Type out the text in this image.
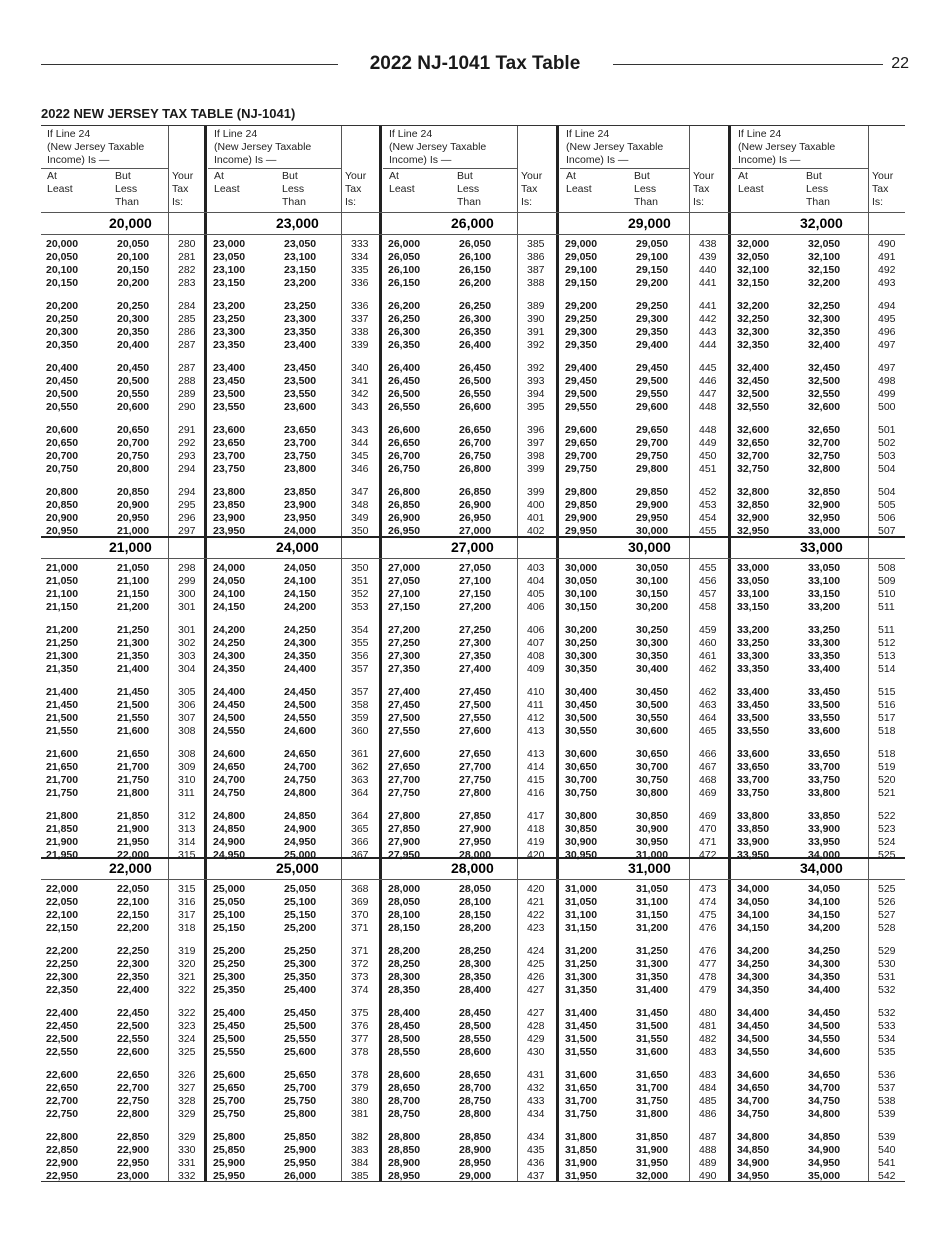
2022 NJ-1041 Tax Table	22
2022 NEW JERSEY TAX TABLE (NJ-1041)
If Line 24
(New Jersey Taxable
Income) Is —
At
Least
But
Less
Than
Your
Tax
Is:
If Line 24
(New Jersey Taxable
Income) Is —
At
Least
But
Less
Than
Your
Tax
Is:
If Line 24
(New Jersey Taxable
Income) Is —
At
Least
But
Less
Than
Your
Tax
Is:
If Line 24
(New Jersey Taxable
Income) Is —
At
Least
But
Less
Than
Your
Tax
Is:
If Line 24
(New Jersey Taxable
Income) Is —
At
Least
But
Less
Than
Your
Tax
Is:
20,000
20,000	20,050	280
20,050	20,100	281
20,100	20,150	282
20,150	20,200	283
20,200	20,250	284
20,250	20,300	285
20,300	20,350	286
20,350	20,400	287
20,400	20,450	287
20,450	20,500	288
20,500	20,550	289
20,550	20,600	290
20,600	20,650	291
20,650	20,700	292
20,700	20,750	293
20,750	20,800	294
20,800	20,850	294
20,850	20,900	295
20,900	20,950	296
20,950	21,000	297
23,000
23,000	23,050	333
23,050	23,100	334
23,100	23,150	335
23,150	23,200	336
23,200	23,250	336
23,250	23,300	337
23,300	23,350	338
23,350	23,400	339
23,400	23,450	340
23,450	23,500	341
23,500	23,550	342
23,550	23,600	343
23,600	23,650	343
23,650	23,700	344
23,700	23,750	345
23,750	23,800	346
23,800	23,850	347
23,850	23,900	348
23,900	23,950	349
23,950	24,000	350
26,000
26,000	26,050	385
26,050	26,100	386
26,100	26,150	387
26,150	26,200	388
26,200	26,250	389
26,250	26,300	390
26,300	26,350	391
26,350	26,400	392
26,400	26,450	392
26,450	26,500	393
26,500	26,550	394
26,550	26,600	395
26,600	26,650	396
26,650	26,700	397
26,700	26,750	398
26,750	26,800	399
26,800	26,850	399
26,850	26,900	400
26,900	26,950	401
26,950	27,000	402
29,000
29,000	29,050	438
29,050	29,100	439
29,100	29,150	440
29,150	29,200	441
29,200	29,250	441
29,250	29,300	442
29,300	29,350	443
29,350	29,400	444
29,400	29,450	445
29,450	29,500	446
29,500	29,550	447
29,550	29,600	448
29,600	29,650	448
29,650	29,700	449
29,700	29,750	450
29,750	29,800	451
29,800	29,850	452
29,850	29,900	453
29,900	29,950	454
29,950	30,000	455
32,000
32,000	32,050	490
32,050	32,100	491
32,100	32,150	492
32,150	32,200	493
32,200	32,250	494
32,250	32,300	495
32,300	32,350	496
32,350	32,400	497
32,400	32,450	497
32,450	32,500	498
32,500	32,550	499
32,550	32,600	500
32,600	32,650	501
32,650	32,700	502
32,700	32,750	503
32,750	32,800	504
32,800	32,850	504
32,850	32,900	505
32,900	32,950	506
32,950	33,000	507
21,000
21,000	21,050	298
21,050	21,100	299
21,100	21,150	300
21,150	21,200	301
21,200	21,250	301
21,250	21,300	302
21,300	21,350	303
21,350	21,400	304
21,400	21,450	305
21,450	21,500	306
21,500	21,550	307
21,550	21,600	308
21,600	21,650	308
21,650	21,700	309
21,700	21,750	310
21,750	21,800	311
21,800	21,850	312
21,850	21,900	313
21,900	21,950	314
21,950	22,000	315
24,000
24,000	24,050	350
24,050	24,100	351
24,100	24,150	352
24,150	24,200	353
24,200	24,250	354
24,250	24,300	355
24,300	24,350	356
24,350	24,400	357
24,400	24,450	357
24,450	24,500	358
24,500	24,550	359
24,550	24,600	360
24,600	24,650	361
24,650	24,700	362
24,700	24,750	363
24,750	24,800	364
24,800	24,850	364
24,850	24,900	365
24,900	24,950	366
24,950	25,000	367
27,000
27,000	27,050	403
27,050	27,100	404
27,100	27,150	405
27,150	27,200	406
27,200	27,250	406
27,250	27,300	407
27,300	27,350	408
27,350	27,400	409
27,400	27,450	410
27,450	27,500	411
27,500	27,550	412
27,550	27,600	413
27,600	27,650	413
27,650	27,700	414
27,700	27,750	415
27,750	27,800	416
27,800	27,850	417
27,850	27,900	418
27,900	27,950	419
27,950	28,000	420
30,000
30,000	30,050	455
30,050	30,100	456
30,100	30,150	457
30,150	30,200	458
30,200	30,250	459
30,250	30,300	460
30,300	30,350	461
30,350	30,400	462
30,400	30,450	462
30,450	30,500	463
30,500	30,550	464
30,550	30,600	465
30,600	30,650	466
30,650	30,700	467
30,700	30,750	468
30,750	30,800	469
30,800	30,850	469
30,850	30,900	470
30,900	30,950	471
30,950	31,000	472
33,000
33,000	33,050	508
33,050	33,100	509
33,100	33,150	510
33,150	33,200	511
33,200	33,250	511
33,250	33,300	512
33,300	33,350	513
33,350	33,400	514
33,400	33,450	515
33,450	33,500	516
33,500	33,550	517
33,550	33,600	518
33,600	33,650	518
33,650	33,700	519
33,700	33,750	520
33,750	33,800	521
33,800	33,850	522
33,850	33,900	523
33,900	33,950	524
33,950	34,000	525
22,000
22,000	22,050	315
22,050	22,100	316
22,100	22,150	317
22,150	22,200	318
22,200	22,250	319
22,250	22,300	320
22,300	22,350	321
22,350	22,400	322
22,400	22,450	322
22,450	22,500	323
22,500	22,550	324
22,550	22,600	325
22,600	22,650	326
22,650	22,700	327
22,700	22,750	328
22,750	22,800	329
22,800	22,850	329
22,850	22,900	330
22,900	22,950	331
22,950	23,000	332
25,000
25,000	25,050	368
25,050	25,100	369
25,100	25,150	370
25,150	25,200	371
25,200	25,250	371
25,250	25,300	372
25,300	25,350	373
25,350	25,400	374
25,400	25,450	375
25,450	25,500	376
25,500	25,550	377
25,550	25,600	378
25,600	25,650	378
25,650	25,700	379
25,700	25,750	380
25,750	25,800	381
25,800	25,850	382
25,850	25,900	383
25,900	25,950	384
25,950	26,000	385
28,000
28,000	28,050	420
28,050	28,100	421
28,100	28,150	422
28,150	28,200	423
28,200	28,250	424
28,250	28,300	425
28,300	28,350	426
28,350	28,400	427
28,400	28,450	427
28,450	28,500	428
28,500	28,550	429
28,550	28,600	430
28,600	28,650	431
28,650	28,700	432
28,700	28,750	433
28,750	28,800	434
28,800	28,850	434
28,850	28,900	435
28,900	28,950	436
28,950	29,000	437
31,000
31,000	31,050	473
31,050	31,100	474
31,100	31,150	475
31,150	31,200	476
31,200	31,250	476
31,250	31,300	477
31,300	31,350	478
31,350	31,400	479
31,400	31,450	480
31,450	31,500	481
31,500	31,550	482
31,550	31,600	483
31,600	31,650	483
31,650	31,700	484
31,700	31,750	485
31,750	31,800	486
31,800	31,850	487
31,850	31,900	488
31,900	31,950	489
31,950	32,000	490
34,000
34,000	34,050	525
34,050	34,100	526
34,100	34,150	527
34,150	34,200	528
34,200	34,250	529
34,250	34,300	530
34,300	34,350	531
34,350	34,400	532
34,400	34,450	532
34,450	34,500	533
34,500	34,550	534
34,550	34,600	535
34,600	34,650	536
34,650	34,700	537
34,700	34,750	538
34,750	34,800	539
34,800	34,850	539
34,850	34,900	540
34,900	34,950	541
34,950	35,000	542
